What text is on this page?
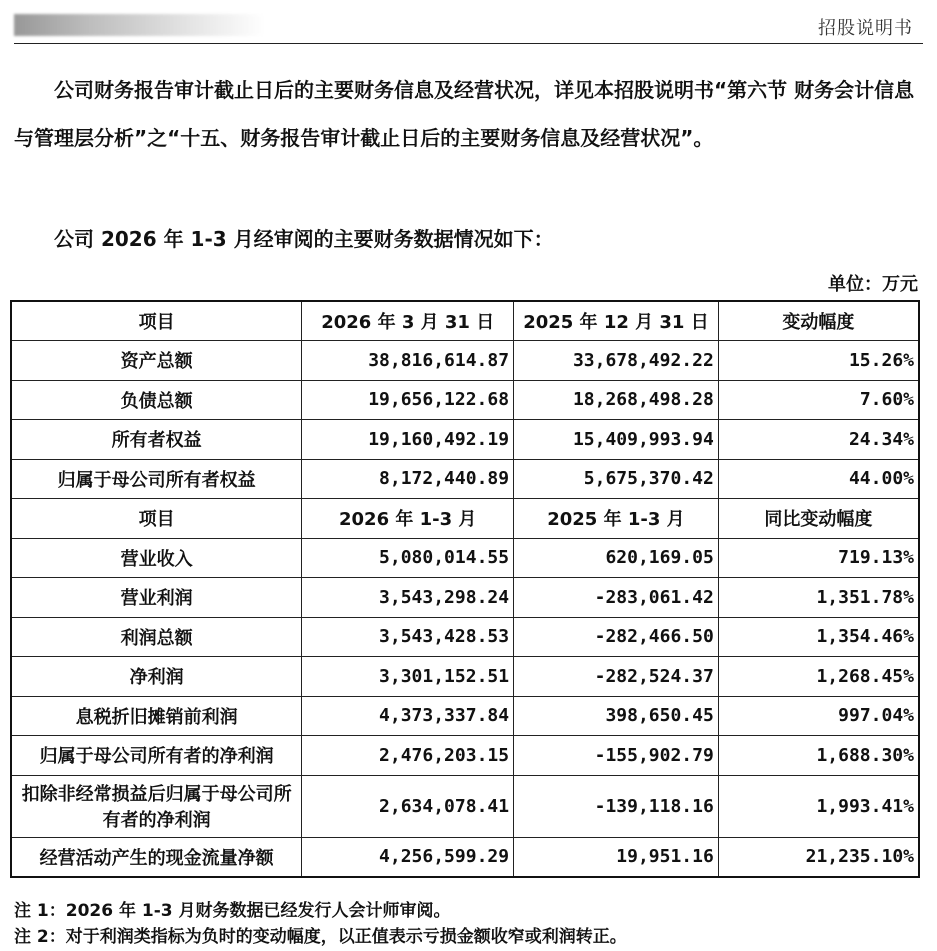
招股说明书
公司财务报告审计截止日后的主要财务信息及经营状况，详见本招股说明书“第六节 财务会计信息与管理层分析”之“十五、财务报告审计截止日后的主要财务信息及经营状况”。
公司 2026 年 1-3 月经审阅的主要财务数据情况如下：
单位：万元
项目	2026 年 3 月 31 日	2025 年 12 月 31 日	变动幅度
资产总额	38,816,614.87	33,678,492.22	15.26%
负债总额	19,656,122.68	18,268,498.28	7.60%
所有者权益	19,160,492.19	15,409,993.94	24.34%
归属于母公司所有者权益	8,172,440.89	5,675,370.42	44.00%
项目	2026 年 1-3 月	2025 年 1-3 月	同比变动幅度
营业收入	5,080,014.55	620,169.05	719.13%
营业利润	3,543,298.24	-283,061.42	1,351.78%
利润总额	3,543,428.53	-282,466.50	1,354.46%
净利润	3,301,152.51	-282,524.37	1,268.45%
息税折旧摊销前利润	4,373,337.84	398,650.45	997.04%
归属于母公司所有者的净利润	2,476,203.15	-155,902.79	1,688.30%
扣除非经常损益后归属于母公司所有者的净利润	2,634,078.41	-139,118.16	1,993.41%
经营活动产生的现金流量净额	4,256,599.29	19,951.16	21,235.10%
注 1：2026 年 1-3 月财务数据已经发行人会计师审阅。
注 2：对于利润类指标为负时的变动幅度，以正值表示亏损金额收窄或利润转正。
